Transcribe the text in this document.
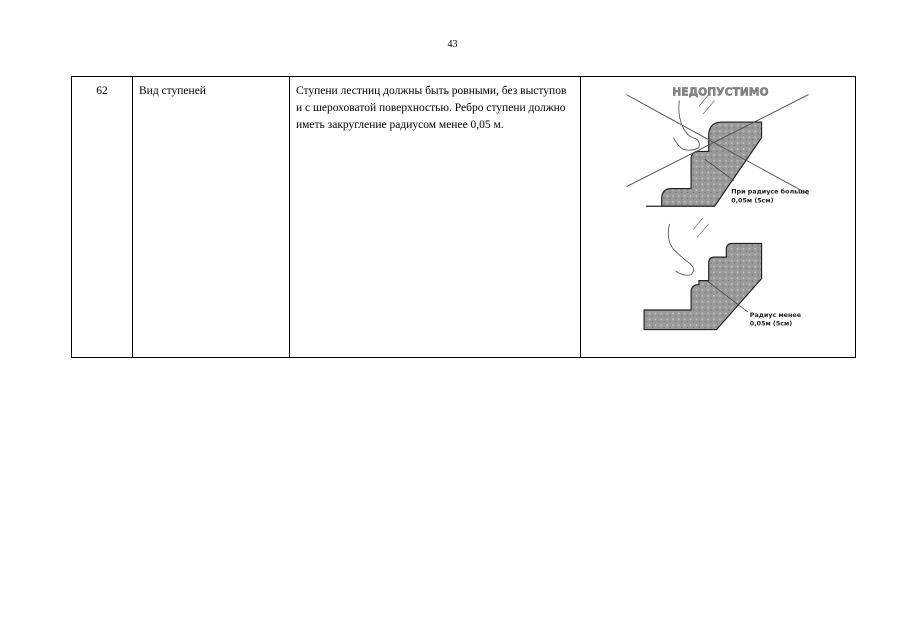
43
62	Вид ступеней	Ступени лестниц должны быть ровными, без выступов и с шероховатой поверхностью. Ребро ступени должно иметь закругление радиусом менее 0,05 м.	
НЕДОПУСТИМО
При радиусе больше
0,05м (5см)
Радиус менее
0,05м (5см)
